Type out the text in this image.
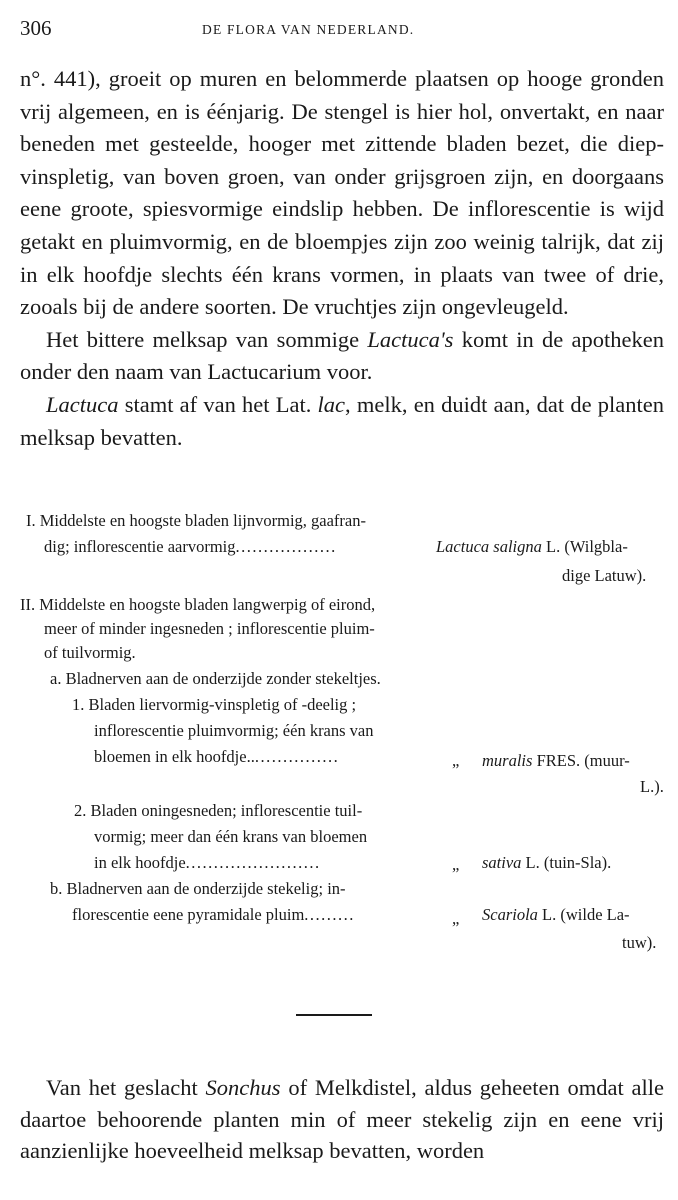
306	DE FLORA VAN NEDERLAND.
n°. 441), groeit op muren en belommerde plaatsen op hooge gronden vrij algemeen, en is éénjarig. De stengel is hier hol, onvertakt, en naar beneden met gesteelde, hooger met zittende bladen bezet, die diep-vinspletig, van boven groen, van onder grijsgroen zijn, en doorgaans eene groote, spiesvormige eindslip hebben. De inflorescentie is wijd getakt en pluimvormig, en de bloempjes zijn zoo weinig talrijk, dat zij in elk hoofdje slechts één krans vormen, in plaats van twee of drie, zooals bij de andere soorten. De vruchtjes zijn ongevleugeld.
Het bittere melksap van sommige Lactuca's komt in de apotheken onder den naam van Lactucarium voor.
Lactuca stamt af van het Lat. lac, melk, en duidt aan, dat de planten melksap bevatten.
I. Middelste en hoogste bladen lijnvormig, gaafran-
dig; inflorescentie aarvormig..................	Lactuca saligna L. (Wilgbla-
dige Latuw).
II. Middelste en hoogste bladen langwerpig of eirond,
meer of minder ingesneden ; inflorescentie pluim-
of tuilvormig.
a. Bladnerven aan de onderzijde zonder stekeltjes.
1. Bladen liervormig-vinspletig of -deelig ;
inflorescentie pluimvormig; één krans van
bloemen in elk hoofdje.................	„ muralis FRES. (muur-
L.).
2. Bladen oningesneden; inflorescentie tuil-
vormig; meer dan één krans van bloemen
in elk hoofdje........................	„ sativa L. (tuin-Sla).
b. Bladnerven aan de onderzijde stekelig; in-
florescentie eene pyramidale pluim.........	„ Scariola L. (wilde La-
tuw).
Van het geslacht Sonchus of Melkdistel, aldus geheeten omdat alle daartoe behoorende planten min of meer stekelig zijn en eene vrij aanzienlijke hoeveelheid melksap bevatten, worden
